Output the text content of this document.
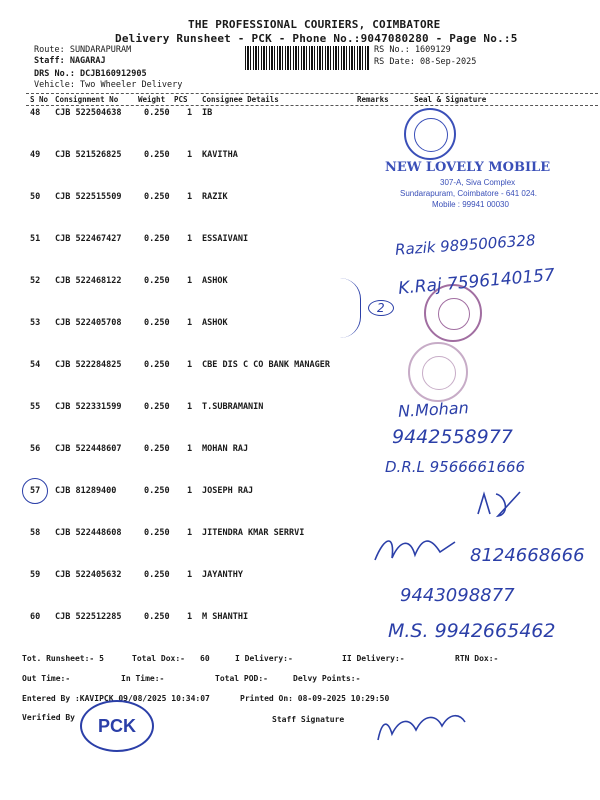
THE PROFESSIONAL COURIERS, COIMBATORE
Delivery Runsheet - PCK - Phone No.:9047080280 - Page No.:5
Route: SUNDARAPURAM
Staff: NAGARAJ
DRS No.: DCJB160912905
Vehicle: Two Wheeler Delivery
RS No.: 1609129
RS Date: 08-Sep-2025
S No Consignment No	Weight PCS Consignee Details	Remarks	Seal & Signature
48 CJB 522504638	0.250 1 IB
49 CJB 521526825	0.250 1 KAVITHA
50 CJB 522515509	0.250 1 RAZIK
51 CJB 522467427	0.250 1 ESSAIVANI
52 CJB 522468122	0.250 1 ASHOK
53 CJB 522405708	0.250 1 ASHOK
54 CJB 522284825	0.250 1 CBE DIS C CO BANK MANAGER
55 CJB 522331599	0.250 1 T.SUBRAMANIN
56 CJB 522448607	0.250 1 MOHAN RAJ
57 CJB 81289400	0.250 1 JOSEPH RAJ
58 CJB 522448608	0.250 1 JITENDRA KMAR SERRVI
59 CJB 522405632	0.250 1 JAYANTHY
60 CJB 522512285	0.250 1 M SHANTHI
Tot. Runsheet:- 5	Total Dox:- 60	I Delivery:-	II Delivery:-	RTN Dox:-
Out Time:-	In Time:-	Total POD:-	Delvy Points:-
Entered By :KAVIPCK 09/08/2025 10:34:07	Printed On: 08-09-2025 10:29:50
Verified By	Staff Signature
PCK
NEW LOVELY MOBILE
307-A, Siva Complex
Sundarapuram, Coimbatore - 641 024.
Mobile : 99941 00030
Razik 9895006328
K.Raj 7596140157
2
N.Mohan
9442558977
D.R.L 9566661666
8124668666
9443098877
M.S. 9942665462
